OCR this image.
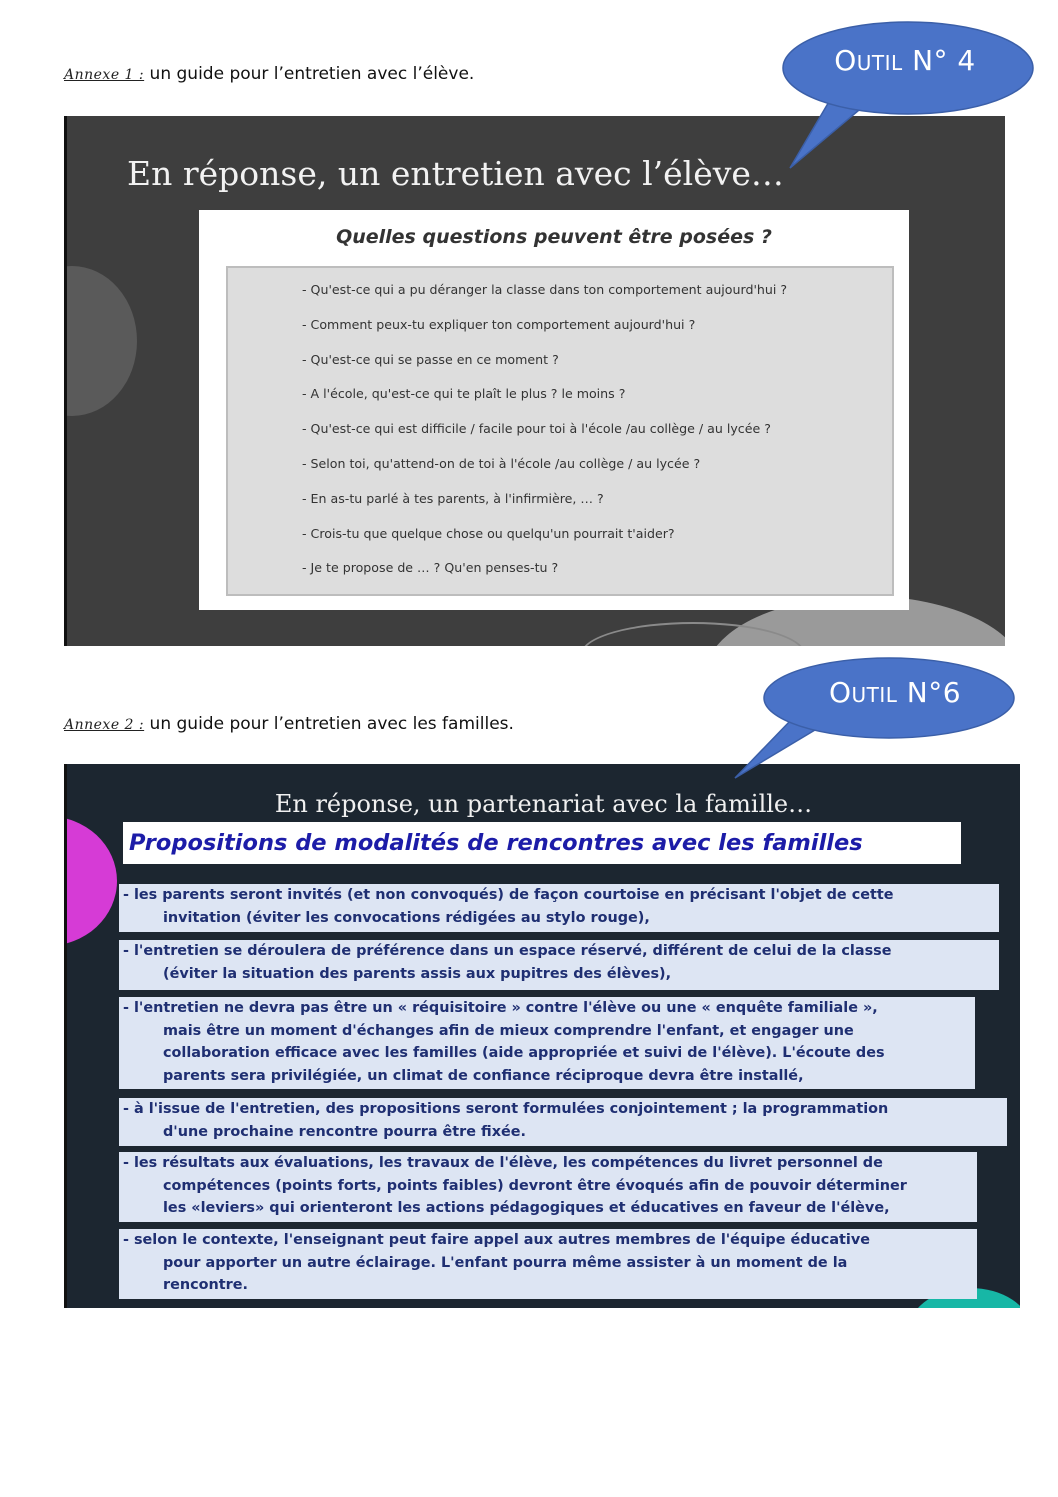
Annexe 1 : un guide pour l’entretien avec l’élève.
En réponse, un entretien avec l’élève…
Quelles questions peuvent être posées ?
- Qu'est-ce qui a pu déranger la classe dans ton comportement aujourd'hui ?
- Comment peux-tu expliquer ton comportement aujourd'hui ?
- Qu'est-ce qui se passe en ce moment ?
- A l'école, qu'est-ce qui te plaît le plus ? le moins ?
- Qu'est-ce qui est difficile / facile pour toi à l'école /au collège / au lycée ?
- Selon toi, qu'attend-on de toi à l'école /au collège / au lycée ?
- En as-tu parlé à tes parents, à l'infirmière, … ?
- Crois-tu que quelque chose ou quelqu'un pourrait t'aider?
- Je te propose de … ? Qu'en penses-tu ?
Outil N° 4
Annexe 2 : un guide pour l’entretien avec les familles.
En réponse, un partenariat avec la famille…
Propositions de modalités de rencontres avec les familles
- les parents seront invités (et non convoqués) de façon courtoise en précisant l'objet de cette
invitation (éviter les convocations rédigées au stylo rouge),
- l'entretien se déroulera de préférence dans un espace réservé, différent de celui de la classe
(éviter la situation des parents assis aux pupitres des élèves),
- l'entretien ne devra pas être un « réquisitoire » contre l'élève ou une « enquête familiale »,
mais être un moment d'échanges afin de mieux comprendre l'enfant, et engager une
collaboration efficace avec les familles (aide appropriée et suivi de l'élève). L'écoute des
parents sera privilégiée, un climat de confiance réciproque devra être installé,
- à l'issue de l'entretien, des propositions seront formulées conjointement ; la programmation
d'une prochaine rencontre pourra être fixée.
- les résultats aux évaluations, les travaux de l'élève, les compétences du livret personnel de
compétences (points forts, points faibles) devront être évoqués afin de pouvoir déterminer
les «leviers» qui orienteront les actions pédagogiques et éducatives en faveur de l'élève,
- selon le contexte, l'enseignant peut faire appel aux autres membres de l'équipe éducative
pour apporter un autre éclairage. L'enfant pourra même assister à un moment de la
rencontre.
Outil N°6
